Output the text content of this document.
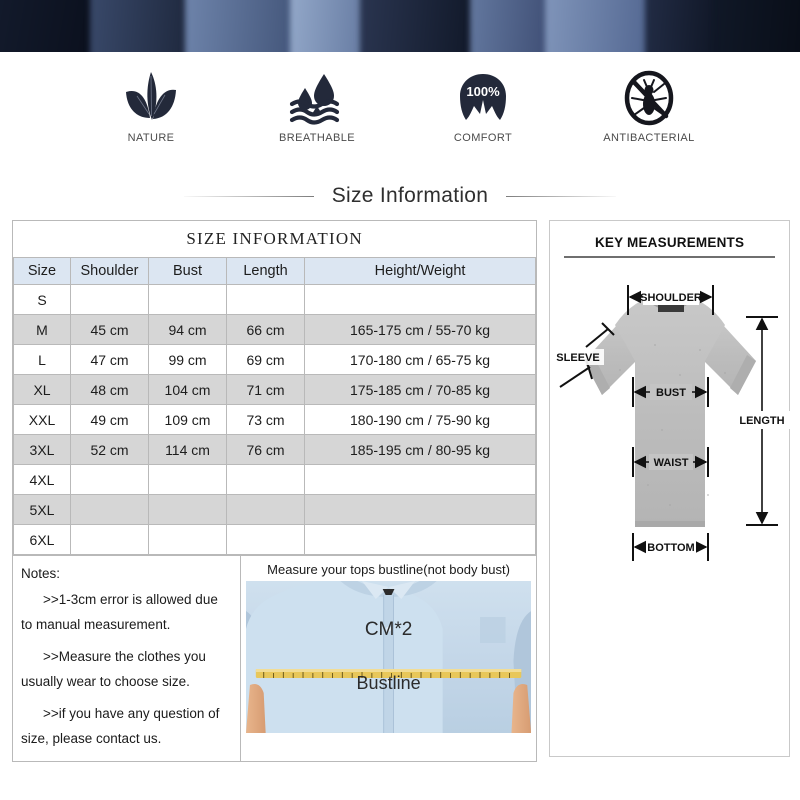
NATURE	BREATHABLE
100%
COMFORT	ANTIBACTERIAL
Size Information
SIZE INFORMATION				
Size	Shoulder	Bust	Length	Height/Weight
S				
M	45 cm	94 cm	66 cm	165-175 cm / 55-70 kg
L	47 cm	99 cm	69 cm	170-180 cm / 65-75 kg
XL	48 cm	104 cm	71 cm	175-185 cm / 70-85 kg
XXL	49 cm	109 cm	73 cm	180-190 cm / 75-90 kg
3XL	52 cm	114 cm	76 cm	185-195 cm / 80-95 kg
4XL				
5XL				
6XL				

Notes:

>>1-3cm error is allowed due

to manual measurement.

>>Measure the clothes you

usually wear to choose size.

>>if you have any question of

size, please contact us.

Measure your tops bustline(not body bust)
CM*2
Bustline
KEY MEASUREMENTS
SHOULDER
SLEEVE
BUST
WAIST
BOTTOM
LENGTH
